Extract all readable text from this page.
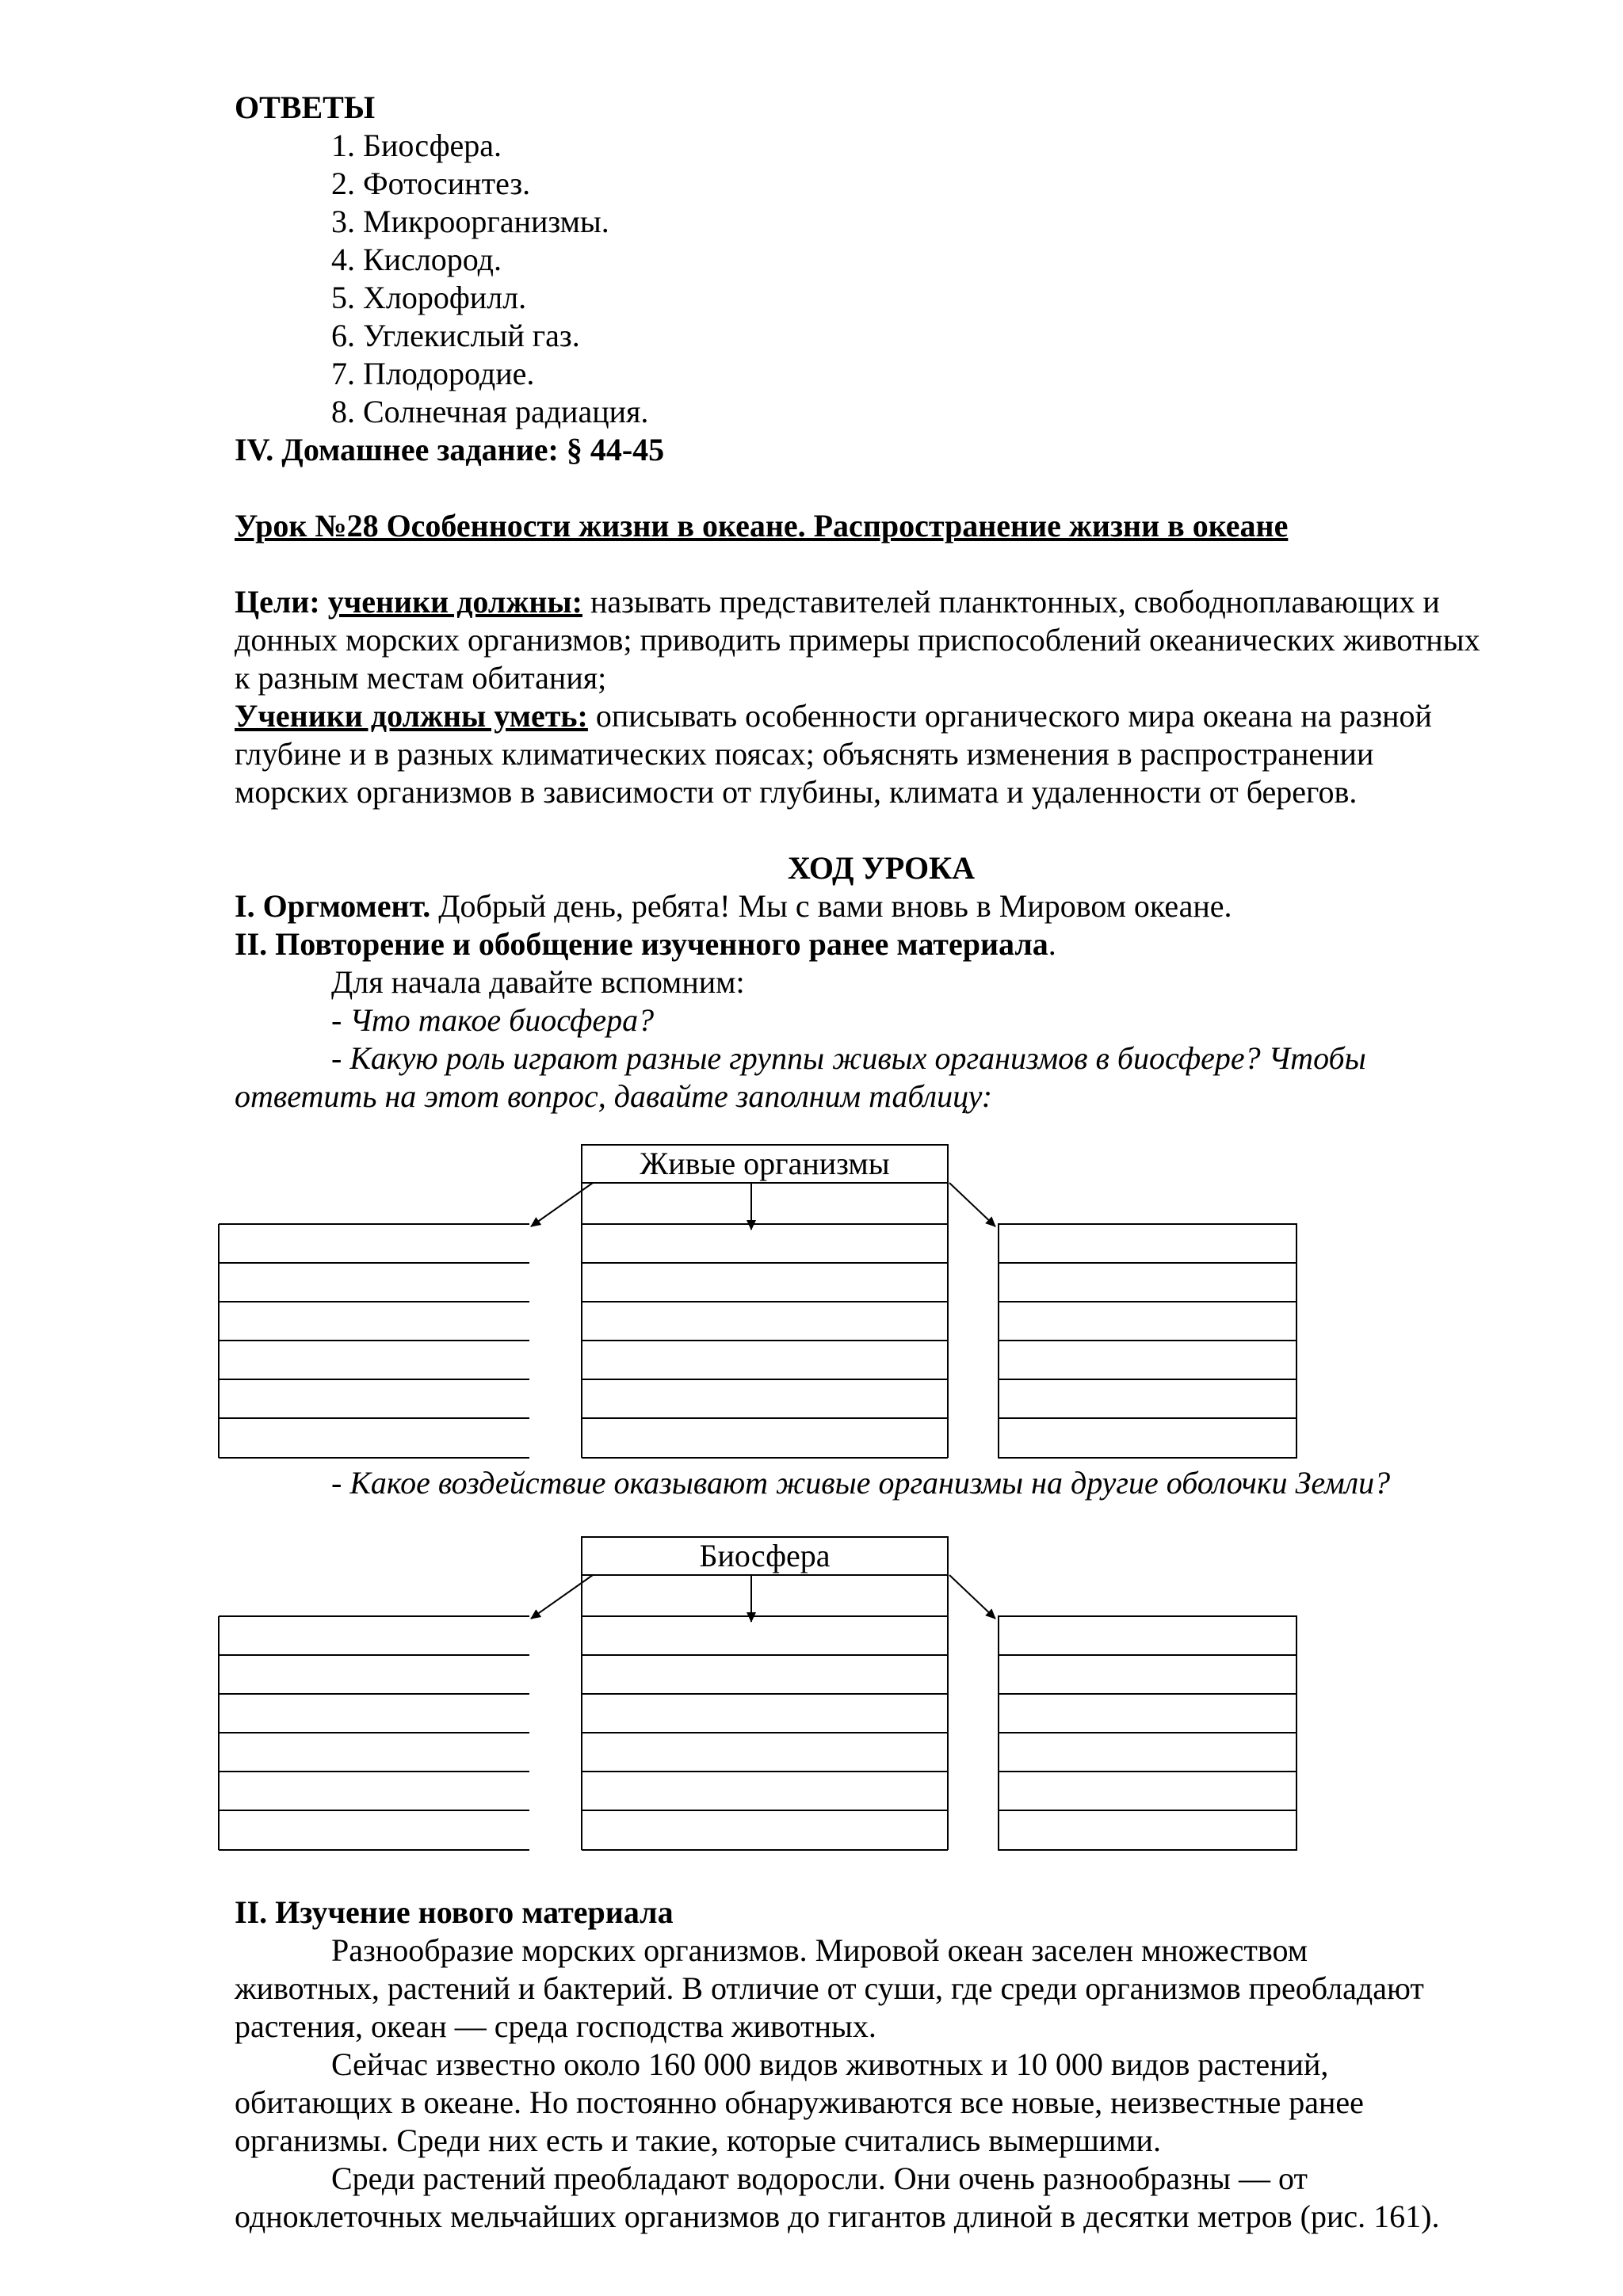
ОТВЕТЫ
1. Биосфера.
2. Фотосинтез.
3. Микроорганизмы.
4. Кислород.
5. Хлорофилл.
6. Углекислый газ.
7. Плодородие.
8. Солнечная радиация.
IV. Домашнее задание: § 44-45
Урок №28 Особенности жизни в океане. Распространение жизни в океане
Цели: ученики должны: называть представителей планктонных, свободноплавающих и
донных морских организмов; приводить примеры приспособлений океанических животных
к разным местам обитания;
Ученики должны уметь: описывать особенности органического мира океана на разной
глубине и в разных климатических поясах; объяснять изменения в распространении
морских организмов в зависимости от глубины, климата и удаленности от берегов.
ХОД УРОКА
I. Оргмомент. Добрый день, ребята! Мы с вами вновь в Мировом океане.
II. Повторение и обобщение изученного ранее материала.
Для начала давайте вспомним:
- Что такое биосфера?
- Какую роль играют разные группы живых организмов в биосфере? Чтобы
ответить на этот вопрос, давайте заполним таблицу:
Живые организмы
- Какое воздействие оказывают живые организмы на другие оболочки Земли?
Биосфера
II. Изучение нового материала
Разнообразие морских организмов. Мировой океан заселен множеством
животных, растений и бактерий. В отличие от суши, где среди организмов преобладают
растения, океан — среда господства животных.
Сейчас известно около 160 000 видов животных и 10 000 видов растений,
обитающих в океане. Но постоянно обнаруживаются все новые, неизвестные ранее
организмы. Среди них есть и такие, которые считались вымершими.
Среди растений преобладают водоросли. Они очень разнообразны — от
одноклеточных мельчайших организмов до гигантов длиной в десятки метров (рис. 161).
